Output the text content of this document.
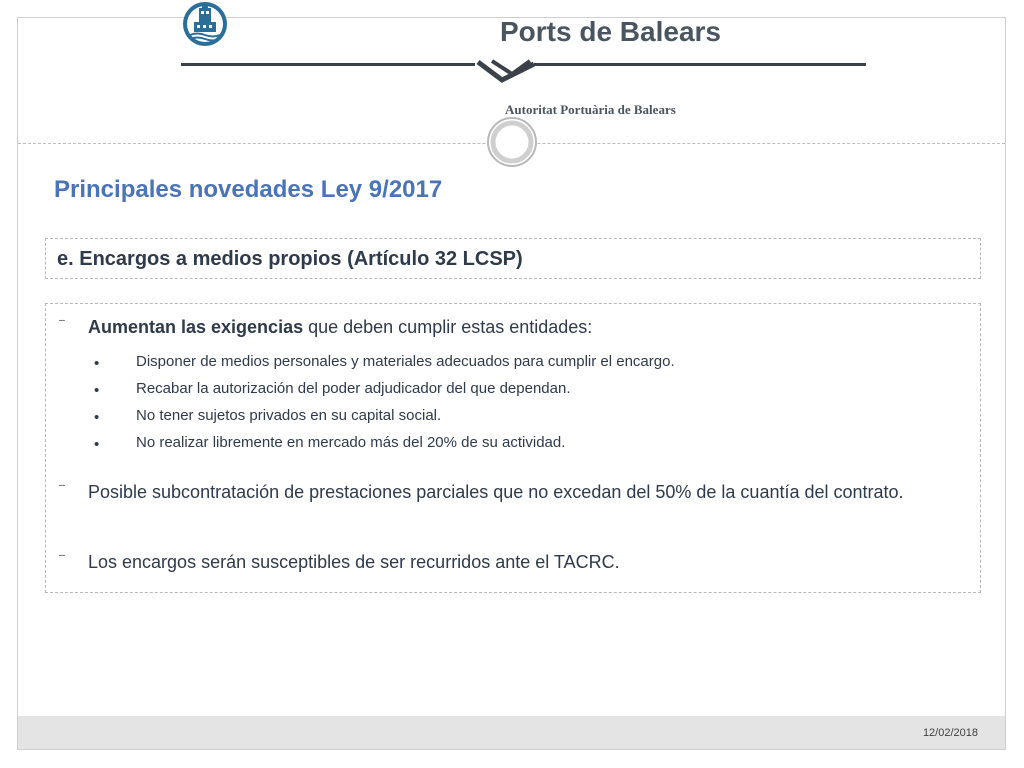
Ports de Balears
Autoritat Portuària de Balears
Principales novedades Ley 9/2017
e. Encargos a medios propios (Artículo 32 LCSP)
⁻ Aumentan las exigencias que deben cumplir estas entidades:
• Disponer de medios personales y materiales adecuados para cumplir el encargo.
• Recabar la autorización del poder adjudicador del que dependan.
• No tener sujetos privados en su capital social.
• No realizar libremente en mercado más del 20% de su actividad.
⁻ Posible subcontratación de prestaciones parciales que no excedan del 50% de la cuantía del contrato.
⁻ Los encargos serán susceptibles de ser recurridos ante el TACRC.
12/02/2018
